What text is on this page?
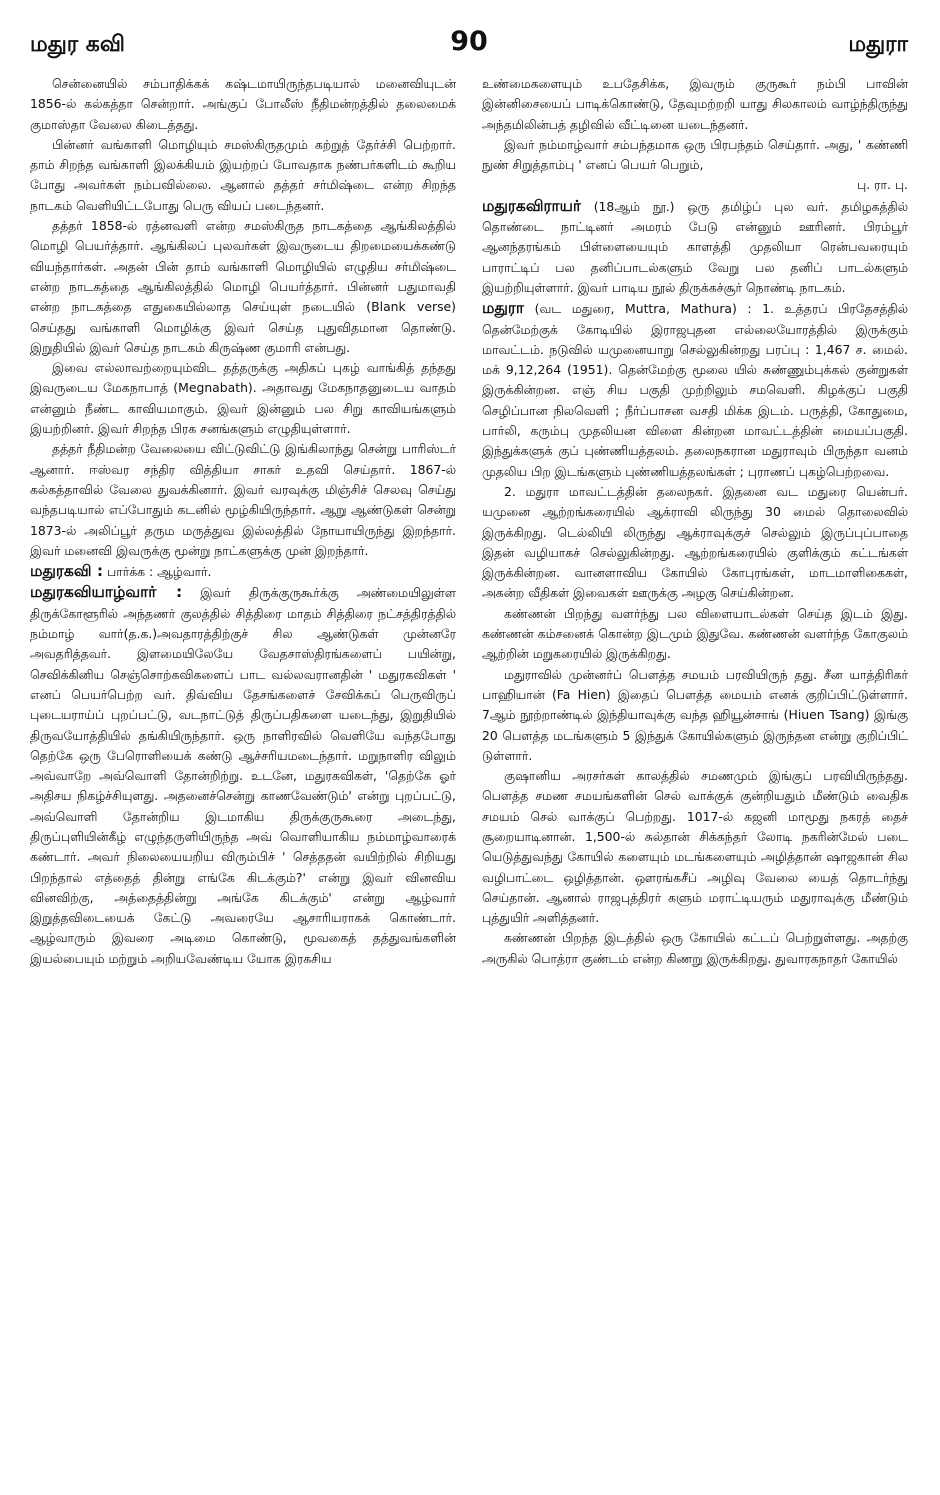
மதுர கவி	90	மதுரா

சென்னையில் சம்பாதிக்கக் கஷ்டமாயிருந்தபடியால் மனைவியுடன் 1856-ல் கல்கத்தா சென்றார். அங்குப் போலீஸ் நீதிமன்றத்தில் தலைமைக் குமாஸ்தா வேலை கிடைத்தது.

பின்னர் வங்காளி மொழியும் சமஸ்கிருதமும் கற்றுத் தேர்ச்சி பெற்றார். தாம் சிறந்த வங்காளி இலக்கியம் இயற்றப் போவதாக நண்பர்களிடம் கூறிய போது அவர்கள் நம்பவில்லை. ஆனால் தத்தர் சர்மிஷ்டை என்ற சிறந்த நாடகம் வெளியிட்டபோது பெரு வியப் படைந்தனர்.

தத்தர் 1858-ல் ரத்னவளி என்ற சமஸ்கிருத நாடகத்தை ஆங்கிலத்தில் மொழி பெயர்த்தார். ஆங்கிலப் புலவர்கள் இவருடைய திறமையைக்கண்டு வியந்தார்கள். அதன் பின் தாம் வங்காளி மொழியில் எழுதிய சர்மிஷ்டை என்ற நாடகத்தை ஆங்கிலத்தில் மொழி பெயர்த்தார். பின்னர் பதுமாவதி என்ற நாடகத்தை எதுகையில்லாத செய்யுள் நடையில் (Blank verse) செய்தது வங்காளி மொழிக்கு இவர் செய்த புதுவிதமான தொண்டு. இறுதியில் இவர் செய்த நாடகம் கிருஷ்ண குமாரி என்பது.

இவை எல்லாவற்றையும்விட தத்தருக்கு அதிகப் புகழ் வாங்கித் தந்தது இவருடைய மேகநாபாத் (Megnabath). அதாவது மேகநாதனுடைய வாதம் என்னும் நீண்ட காவியமாகும். இவர் இன்னும் பல சிறு காவியங்களும் இயற்றினர். இவர் சிறந்த பிரக சனங்களும் எழுதியுள்ளார்.

தத்தர் நீதிமன்ற வேலையை விட்டுவிட்டு இங்கிலாந்து சென்று பாரிஸ்டர் ஆனார். ஈஸ்வர சந்திர வித்தியா சாகர் உதவி செய்தார். 1867-ல் கல்கத்தாவில் வேலை துவக்கினார். இவர் வரவுக்கு மிஞ்சிச் செலவு செய்து வந்தபடியால் எப்போதும் கடனில் மூழ்கியிருந்தார். ஆறு ஆண்டுகள் சென்று 1873-ல் அலிப்பூர் தரும மருத்துவ இல்லத்தில் நோயாயிருந்து இறந்தார். இவர் மனைவி இவருக்கு மூன்று நாட்களுக்கு முன் இறந்தார்.

மதுரகவி : பார்க்க : ஆழ்வார்.

மதுரகவியாழ்வார் : இவர் திருக்குருகூர்க்கு அண்மையிலுள்ள திருக்கோளூரில் அந்தணர் குலத்தில் சித்திரை மாதம் சித்திரை நட்சத்திரத்தில் நம்மாழ் வார்(த.க.)அவதாரத்திற்குச் சில ஆண்டுகள் முன்னரே அவதரித்தவர். இளமையிலேயே வேதசாஸ்திரங்களைப் பயின்று, செவிக்கினிய செஞ்சொற்கவிகளைப் பாட வல்லவரானதின் ' மதுரகவிகள் ' எனப் பெயர்பெற்ற வர். திவ்விய தேசங்களைச் சேவிக்கப் பெருவிருப் புடையராய்ப் புறப்பட்டு, வடநாட்டுத் திருப்பதிகளை யடைந்து, இறுதியில் திருவயோத்தியில் தங்கியிருந்தார். ஒரு நாளிரவில் வெளியே வந்தபோது தெற்கே ஒரு பேரொளியைக் கண்டு ஆச்சரியமடைந்தார். மறுநாளிர விலும் அவ்வாறே அவ்வொளி தோன்றிற்று. உடனே, மதுரகவிகள், 'தெற்கே ஓர் அதிசய நிகழ்ச்சியுளது. அதனைச்சென்று காணவேண்டும்' என்று புறப்பட்டு, அவ்வொளி தோன்றிய இடமாகிய திருக்குருகூரை அடைந்து, திருப்புளியின்கீழ் எழுந்தருளியிருந்த அவ் வொளியாகிய நம்மாழ்வாரைக் கண்டார். அவர் நிலையையறிய விரும்பிச் ' செத்ததன் வயிற்றில் சிறியது பிறந்தால் எத்தைத் தின்று எங்கே கிடக்கும்?' என்று இவர் வினவிய வினவிற்கு, அத்தைத்தின்று அங்கே கிடக்கும்' என்று ஆழ்வார் இறுத்தவிடையைக் கேட்டு அவரையே ஆசாரியராகக் கொண்டார். ஆழ்வாரும் இவரை அடிமை கொண்டு, மூவகைத் தத்துவங்களின் இயல்பையும் மற்றும் அறியவேண்டிய யோக இரகசிய

உண்மைகளையும் உபதேசிக்க, இவரும் குருகூர் நம்பி பாவின் இன்னிசையைப் பாடிக்கொண்டு, தேவுமற்றறி யாது சிலகாலம் வாழ்ந்திருந்து அந்தமிலின்பத் தழிவில் வீட்டினை யடைந்தனர்.

இவர் நம்மாழ்வார் சம்பந்தமாக ஒரு பிரபந்தம் செய்தார். அது, ' கண்ணி நுண் சிறுத்தாம்பு ' எனப் பெயர் பெறும்,

பு. ரா. பு.

மதுரகவிராயர் (18ஆம் நூ.) ஒரு தமிழ்ப் புல வர். தமிழகத்தில் தொண்டை நாட்டினர் அமரம் பேடு என்னும் ஊரினர். பிரம்பூர் ஆனந்தரங்கம் பிள்ளையையும் காளத்தி முதலியா ரென்பவரையும் பாராட்டிப் பல தனிப்பாடல்களும் வேறு பல தனிப் பாடல்களும் இயற்றியுள்ளார். இவர் பாடிய நூல் திருக்கச்சூர் நொண்டி நாடகம்.

மதுரா (வட மதுரை, Muttra, Mathura) : 1. உத்தரப் பிரதேசத்தில் தென்மேற்குக் கோடியில் இராஜபுதன எல்லையோரத்தில் இருக்கும் மாவட்டம். நடுவில் யமுனையாறு செல்லுகின்றது பரப்பு : 1,467 ச. மைல். மக் 9,12,264 (1951). தென்மேற்கு மூலை யில் சுண்ணும்புக்கல் குன்றுகள் இருக்கின்றன. எஞ் சிய பகுதி முற்றிலும் சமவெளி. கிழக்குப் பகுதி செழிப்பான நிலவெளி ; நீர்ப்பாசன வசதி மிக்க இடம். பருத்தி, கோதுமை, பார்லி, கரும்பு முதலியன விளை கின்றன மாவட்டத்தின் மையப்பகுதி. இந்துக்களுக் குப் புண்ணியத்தலம். தலைநகரான மதுராவும் பிருந்தா வனம் முதலிய பிற இடங்களும் புண்ணியத்தலங்கள் ; புராணப் புகழ்பெற்றவை.

2. மதுரா மாவட்டத்தின் தலைநகர். இதனை வட மதுரை யென்பர். யமுனை ஆற்றங்கரையில் ஆக்ராவி லிருந்து 30 மைல் தொலைவில் இருக்கிறது. டெல்லியி லிருந்து ஆக்ராவுக்குச் செல்லும் இருப்புப்பாதை இதன் வழியாகச் செல்லுகின்றது. ஆற்றங்கரையில் குளிக்கும் கட்டங்கள் இருக்கின்றன. வானளாவிய கோயில் கோபுரங்கள், மாடமாளிகைகள், அகன்ற வீதிகள் இவைகள் ஊருக்கு அழகு செய்கின்றன.

கண்ணன் பிறந்து வளர்ந்து பல விளையாடல்கள் செய்த இடம் இது. கண்ணன் கம்சனைக் கொன்ற இடமும் இதுவே. கண்ணன் வளர்ந்த கோகுலம் ஆற்றின் மறுகரையில் இருக்கிறது.

மதுராவில் முன்னர்ப் பௌத்த சமயம் பரவியிருந் தது. சீன யாத்திரிகர் பாஹியான் (Fa Hien) இதைப் பௌத்த மையம் எனக் குறிப்பிட்டுள்ளார். 7ஆம் நூற்றாண்டில் இந்தியாவுக்கு வந்த ஹியூன்சாங் (Hiuen Tsang) இங்கு 20 பௌத்த மடங்களும் 5 இந்துக் கோயில்களும் இருந்தன என்று குறிப்பிட் டுள்ளார்.

குஷானிய அரசர்கள் காலத்தில் சமணமும் இங்குப் பரவியிருந்தது. பௌத்த சமண சமயங்களின் செல் வாக்குக் குன்றியதும் மீண்டும் வைதிக சமயம் செல் வாக்குப் பெற்றது. 1017-ல் கஜனி மாமூது நகரத் தைச் சூறையாடினான். 1,500-ல் சுல்தான் சிக்கந்தர் லோடி நகரின்மேல் படை யெடுத்துவந்து கோயில் களையும் மடங்களையும் அழித்தான் ஷாஜகான் சில வழிபாட்டை ஒழித்தான். ஔரங்கசீப் அழிவு வேலை யைத் தொடர்ந்து செய்தான். ஆனால் ராஜபுத்திரர் களும் மராட்டியரும் மதுராவுக்கு மீண்டும் புத்துயிர் அளித்தனர்.

கண்ணன் பிறந்த இடத்தில் ஒரு கோயில் கட்டப் பெற்றுள்ளது. அதற்கு அருகில் பொத்ரா குண்டம் என்ற கிணறு இருக்கிறது. துவாரகநாதர் கோயில்
